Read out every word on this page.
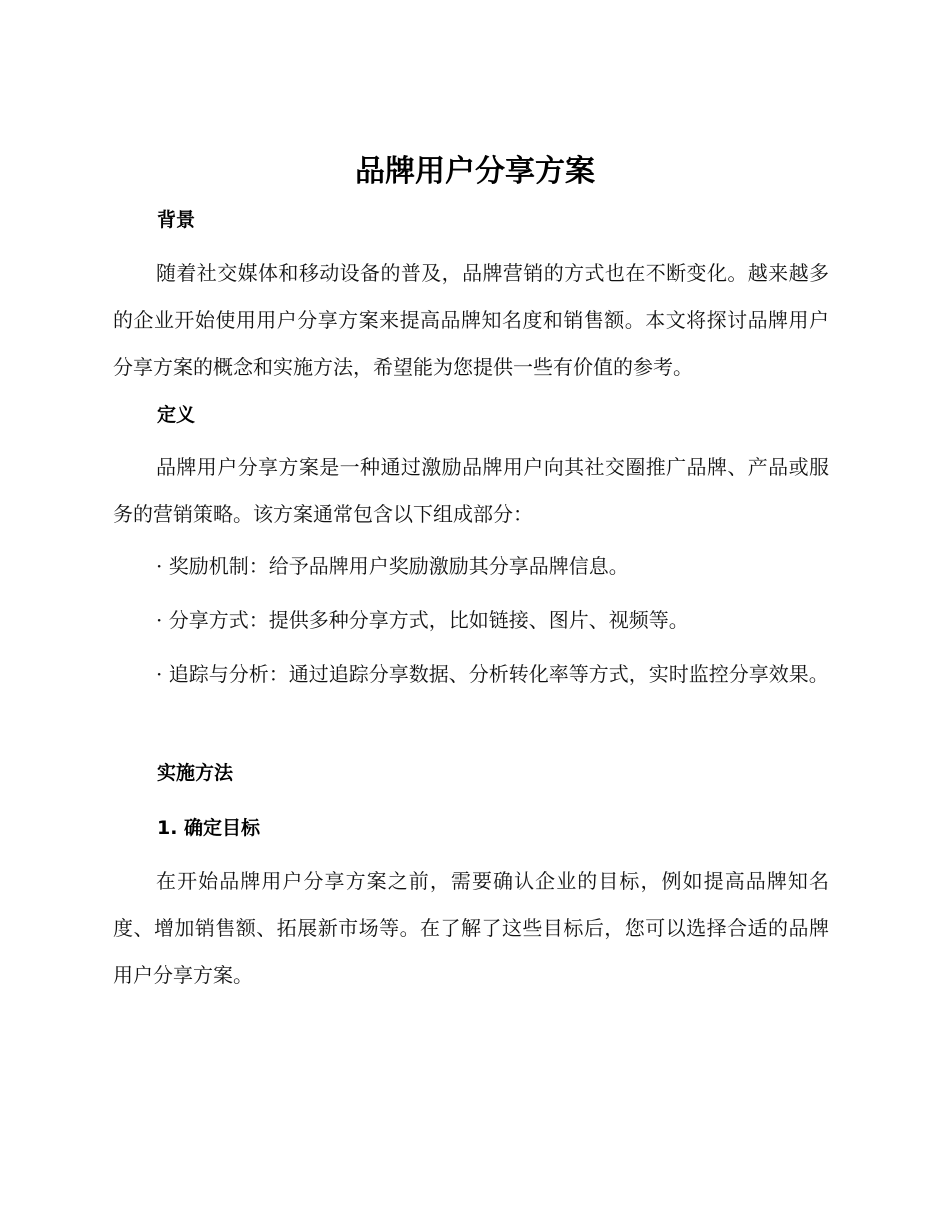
品牌用户分享方案
背景

随着社交媒体和移动设备的普及，品牌营销的方式也在不断变化。越来越多的企业开始使用用户分享方案来提高品牌知名度和销售额。本文将探讨品牌用户分享方案的概念和实施方法，希望能为您提供一些有价值的参考。

定义

品牌用户分享方案是一种通过激励品牌用户向其社交圈推广品牌、产品或服务的营销策略。该方案通常包含以下组成部分：

· 奖励机制：给予品牌用户奖励激励其分享品牌信息。

· 分享方式：提供多种分享方式，比如链接、图片、视频等。

· 追踪与分析：通过追踪分享数据、分析转化率等方式，实时监控分享效果。

实施方法
1. 确定目标

在开始品牌用户分享方案之前，需要确认企业的目标，例如提高品牌知名度、增加销售额、拓展新市场等。在了解了这些目标后，您可以选择合适的品牌用户分享方案。
